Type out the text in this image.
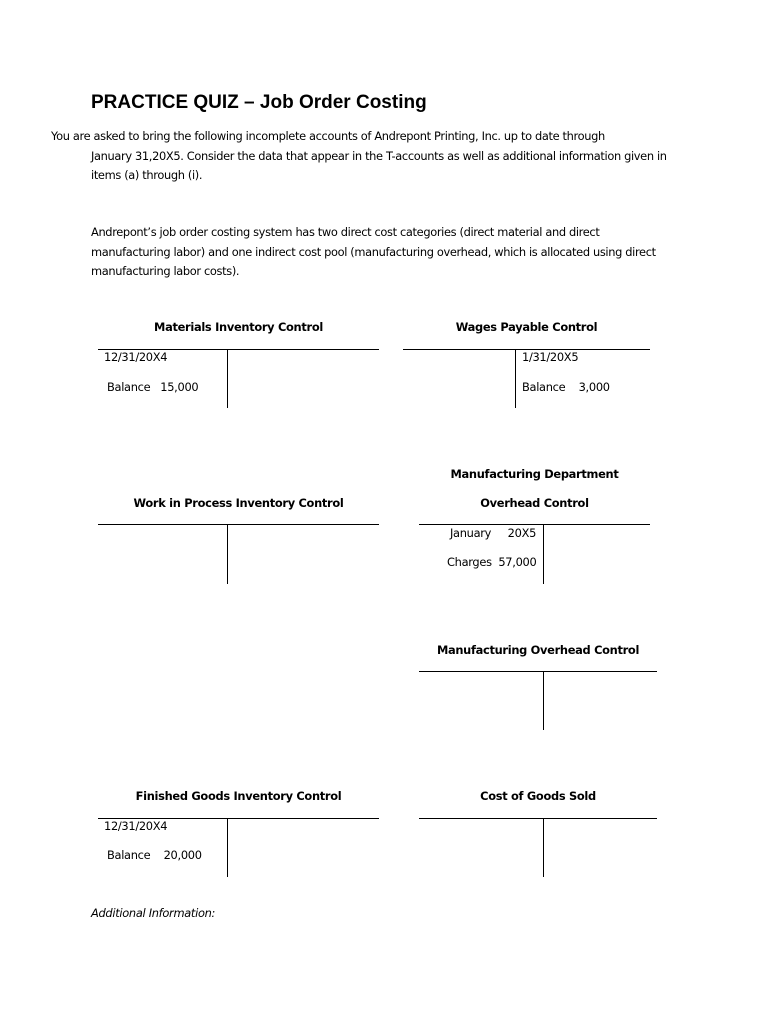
PRACTICE QUIZ – Job Order Costing
You are asked to bring the following incomplete accounts of Andrepont Printing, Inc. up to date through
January 31,20X5. Consider the data that appear in the T-accounts as well as additional information given in items (a) through (i).

Andrepont’s job order costing system has two direct cost categories (direct material and direct manufacturing labor) and one indirect cost pool (manufacturing overhead, which is allocated using direct manufacturing labor costs).

Materials Inventory Control
12/31/20X4
Balance   15,000
Wages Payable Control
1/31/20X5
Balance    3,000
Work in Process Inventory Control
Manufacturing Department
Overhead Control
January     20X5
Charges  57,000
Manufacturing Overhead Control
Finished Goods Inventory Control
12/31/20X4
Balance    20,000
Cost of Goods Sold
Additional Information:
